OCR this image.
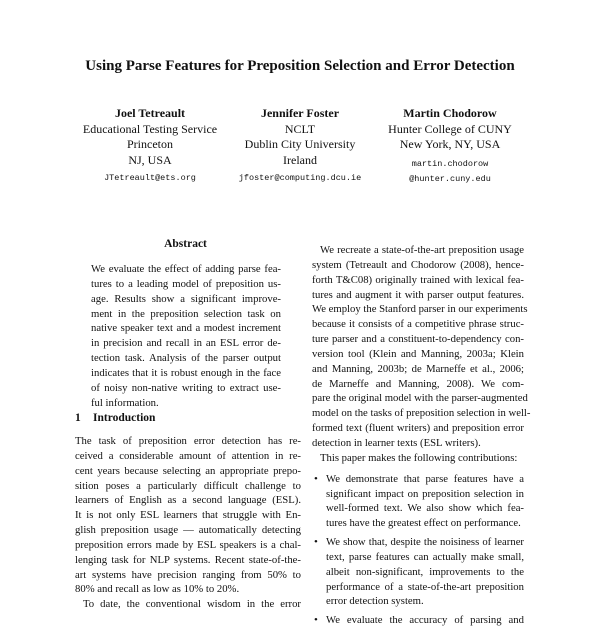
Using Parse Features for Preposition Selection and Error Detection
Joel Tetreault
Educational Testing Service
Princeton
NJ, USA
JTetreault@ets.org
Jennifer Foster
NCLT
Dublin City University
Ireland
jfoster@computing.dcu.ie
Martin Chodorow
Hunter College of CUNY
New York, NY, USA
martin.chodorow
@hunter.cuny.edu
Abstract
We evaluate the effect of adding parse fea-
tures to a leading model of preposition us-
age. Results show a significant improve-
ment in the preposition selection task on
native speaker text and a modest increment
in precision and recall in an ESL error de-
tection task. Analysis of the parser output
indicates that it is robust enough in the face
of noisy non-native writing to extract use-
ful information.
1 Introduction
The task of preposition error detection has re-
ceived a considerable amount of attention in re-
cent years because selecting an appropriate prepo-
sition poses a particularly difficult challenge to
learners of English as a second language (ESL).
It is not only ESL learners that struggle with En-
glish preposition usage — automatically detecting
preposition errors made by ESL speakers is a chal-
lenging task for NLP systems. Recent state-of-the-
art systems have precision ranging from 50% to
80% and recall as low as 10% to 20%.
To date, the conventional wisdom in the error
We recreate a state-of-the-art preposition usage
system (Tetreault and Chodorow (2008), hence-
forth T&C08) originally trained with lexical fea-
tures and augment it with parser output features.
We employ the Stanford parser in our experiments
because it consists of a competitive phrase struc-
ture parser and a constituent-to-dependency con-
version tool (Klein and Manning, 2003a; Klein
and Manning, 2003b; de Marneffe et al., 2006;
de Marneffe and Manning, 2008). We com-
pare the original model with the parser-augmented
model on the tasks of preposition selection in well-
formed text (fluent writers) and preposition error
detection in learner texts (ESL writers).
This paper makes the following contributions:
• We demonstrate that parse features have a
significant impact on preposition selection in
well-formed text. We also show which fea-
tures have the greatest effect on performance.
• We show that, despite the noisiness of learner
text, parse features can actually make small,
albeit non-significant, improvements to the
performance of a state-of-the-art preposition
error detection system.
• We evaluate the accuracy of parsing and
